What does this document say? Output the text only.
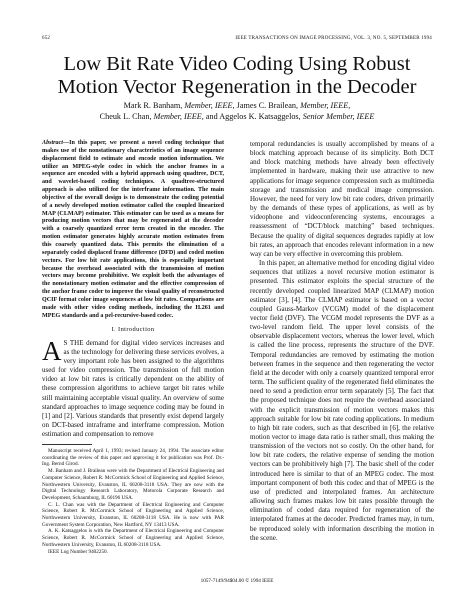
652	IEEE TRANSACTIONS ON IMAGE PROCESSING, VOL. 3, NO. 5, SEPTEMBER 1994
Low Bit Rate Video Coding Using Robust
Motion Vector Regeneration in the Decoder
Mark R. Banham, Member, IEEE, James C. Brailean, Member, IEEE,
Cheuk L. Chan, Member, IEEE, and Aggelos K. Katsaggelos, Senior Member, IEEE
Abstract—In this paper, we present a novel coding technique that makes use of the nonstationary characteristics of an image sequence displacement field to estimate and encode motion information. We utilize an MPEG-style codec in which the anchor frames in a sequence are encoded with a hybrid approach using quadtree, DCT, and wavelet-based coding techniques. A quadtree-structured approach is also utilized for the interframe information. The main objective of the overall design is to demonstrate the coding potential of a newly developed motion estimator called the coupled linearized MAP (CLMAP) estimator. This estimator can be used as a means for producing motion vectors that may be regenerated at the decoder with a coarsely quantized error term created in the encoder. The motion estimator generates highly accurate motion estimates from this coarsely quantized data. This permits the elimination of a separately coded displaced frame difference (DFD) and coded motion vectors. For low bit rate applications, this is especially important because the overhead associated with the transmission of motion vectors may become prohibitive. We exploit both the advantages of the nonstationary motion estimator and the effective compression of the anchor frame coder to improve the visual quality of reconstructed QCIF format color image sequences at low bit rates. Comparisons are made with other video coding methods, including the H.261 and MPEG standards and a pel-recursive-based codec.
I. Introduction
A S THE demand for digital video services increases and as the technology for delivering these services evolves, a very important role has been assigned to the algorithms used for video compression. The transmission of full motion video at low bit rates is critically dependent on the ability of these compression algorithms to achieve target bit rates while still maintaining acceptable visual quality. An overview of some standard approaches to image sequence coding may be found in [1] and [2]. Various standards that presently exist depend largely on DCT-based intraframe and interframe compression. Motion estimation and compensation to remove

Manuscript received April 1, 1993; revised January 24, 1994. The associate editor coordinating the review of this paper and approving it for publication was Prof. Dr.-Ing. Bernd Girod.

M. Banham and J. Brailean were with the Department of Electrical Engineering and Computer Science, Robert R. McCormick School of Engineering and Applied Science, Northwestern University, Evanston, IL 60208-3118 USA. They are now with the Digital Technology Research Laboratory, Motorola Corporate Research and Development, Schaumburg, IL 60196 USA.

C. L. Chan was with the Department of Electrical Engineering and Computer Science, Robert R. McCormick School of Engineering and Applied Science, Northwestern University, Evanston, IL 60208-3118 USA. He is now with PAR Government System Corporation, New Hartford, NY 13413 USA.

A. K. Katsaggelos is with the Department of Electrical Engineering and Computer Science, Robert R. McCormick School of Engineering and Applied Science, Northwestern University, Evanston, IL 60208-3118 USA.

IEEE Log Number 9402250.

temporal redundancies is usually accomplished by means of a block matching approach because of its simplicity. Both DCT and block matching methods have already been effectively implemented in hardware, making their use attractive to new applications for image sequence compression such as multimedia storage and transmission and medical image compression. However, the need for very low bit rate coders, driven primarily by the demands of these types of applications, as well as by videophone and videoconferencing systems, encourages a reassessment of “DCT/block matching” based techniques. Because the quality of digital sequences degrades rapidly at low bit rates, an approach that encodes relevant information in a new way can be very effective in overcoming this problem.

In this paper, an alternative method for encoding digital video sequences that utilizes a novel recursive motion estimator is presented. This estimator exploits the special structure of the recently developed coupled linearized MAP (CLMAP) motion estimator [3], [4]. The CLMAP estimator is based on a vector coupled Gauss-Markov (VCGM) model of the displacement vector field (DVF). The VCGM model represents the DVF as a two-level random field. The upper level consists of the observable displacement vectors, whereas the lower level, which is called the line process, represents the structure of the DVF. Temporal redundancies are removed by estimating the motion between frames in the sequence and then regenerating the vector field at the decoder with only a coarsely quantized temporal error term. The sufficient quality of the regenerated field eliminates the need to send a prediction error term separately [5]. The fact that the proposed technique does not require the overhead associated with the explicit transmission of motion vectors makes this approach suitable for low bit rate coding applications. In medium to high bit rate coders, such as that described in [6], the relative motion vector to image data ratio is rather small, thus making the transmission of the vectors not so costly. On the other hand, for low bit rate coders, the relative expense of sending the motion vectors can be prohibitively high [7]. The basic shell of the coder introduced here is similar to that of an MPEG codec. The most important component of both this codec and that of MPEG is the use of predicted and interpolated frames. An architecture allowing such frames makes low bit rates possible through the elimination of coded data required for regeneration of the interpolated frames at the decoder. Predicted frames may, in turn, be reproduced solely with information describing the motion in the scene.

1057-7149/94$04.00 © 1994 IEEE
